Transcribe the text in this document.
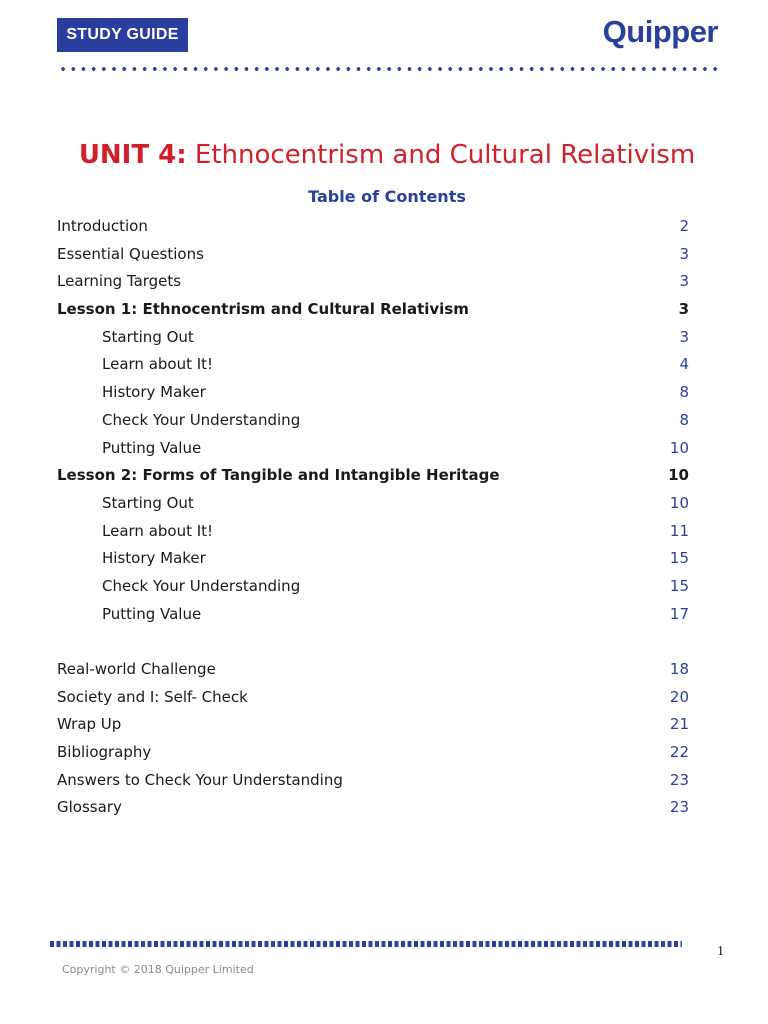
STUDY GUIDE	Quipper
UNIT 4: Ethnocentrism and Cultural Relativism
Table of Contents
Introduction	2
Essential Questions	3
Learning Targets	3
Lesson 1: Ethnocentrism and Cultural Relativism	3
Starting Out	3
Learn about It!	4
History Maker	8
Check Your Understanding	8
Putting Value	10
Lesson 2: Forms of Tangible and Intangible Heritage	10
Starting Out	10
Learn about It!	11
History Maker	15
Check Your Understanding	15
Putting Value	17
Real-world Challenge	18
Society and I: Self- Check	20
Wrap Up	21
Bibliography	22
Answers to Check Your Understanding	23
Glossary	23
1
Copyright © 2018 Quipper Limited
